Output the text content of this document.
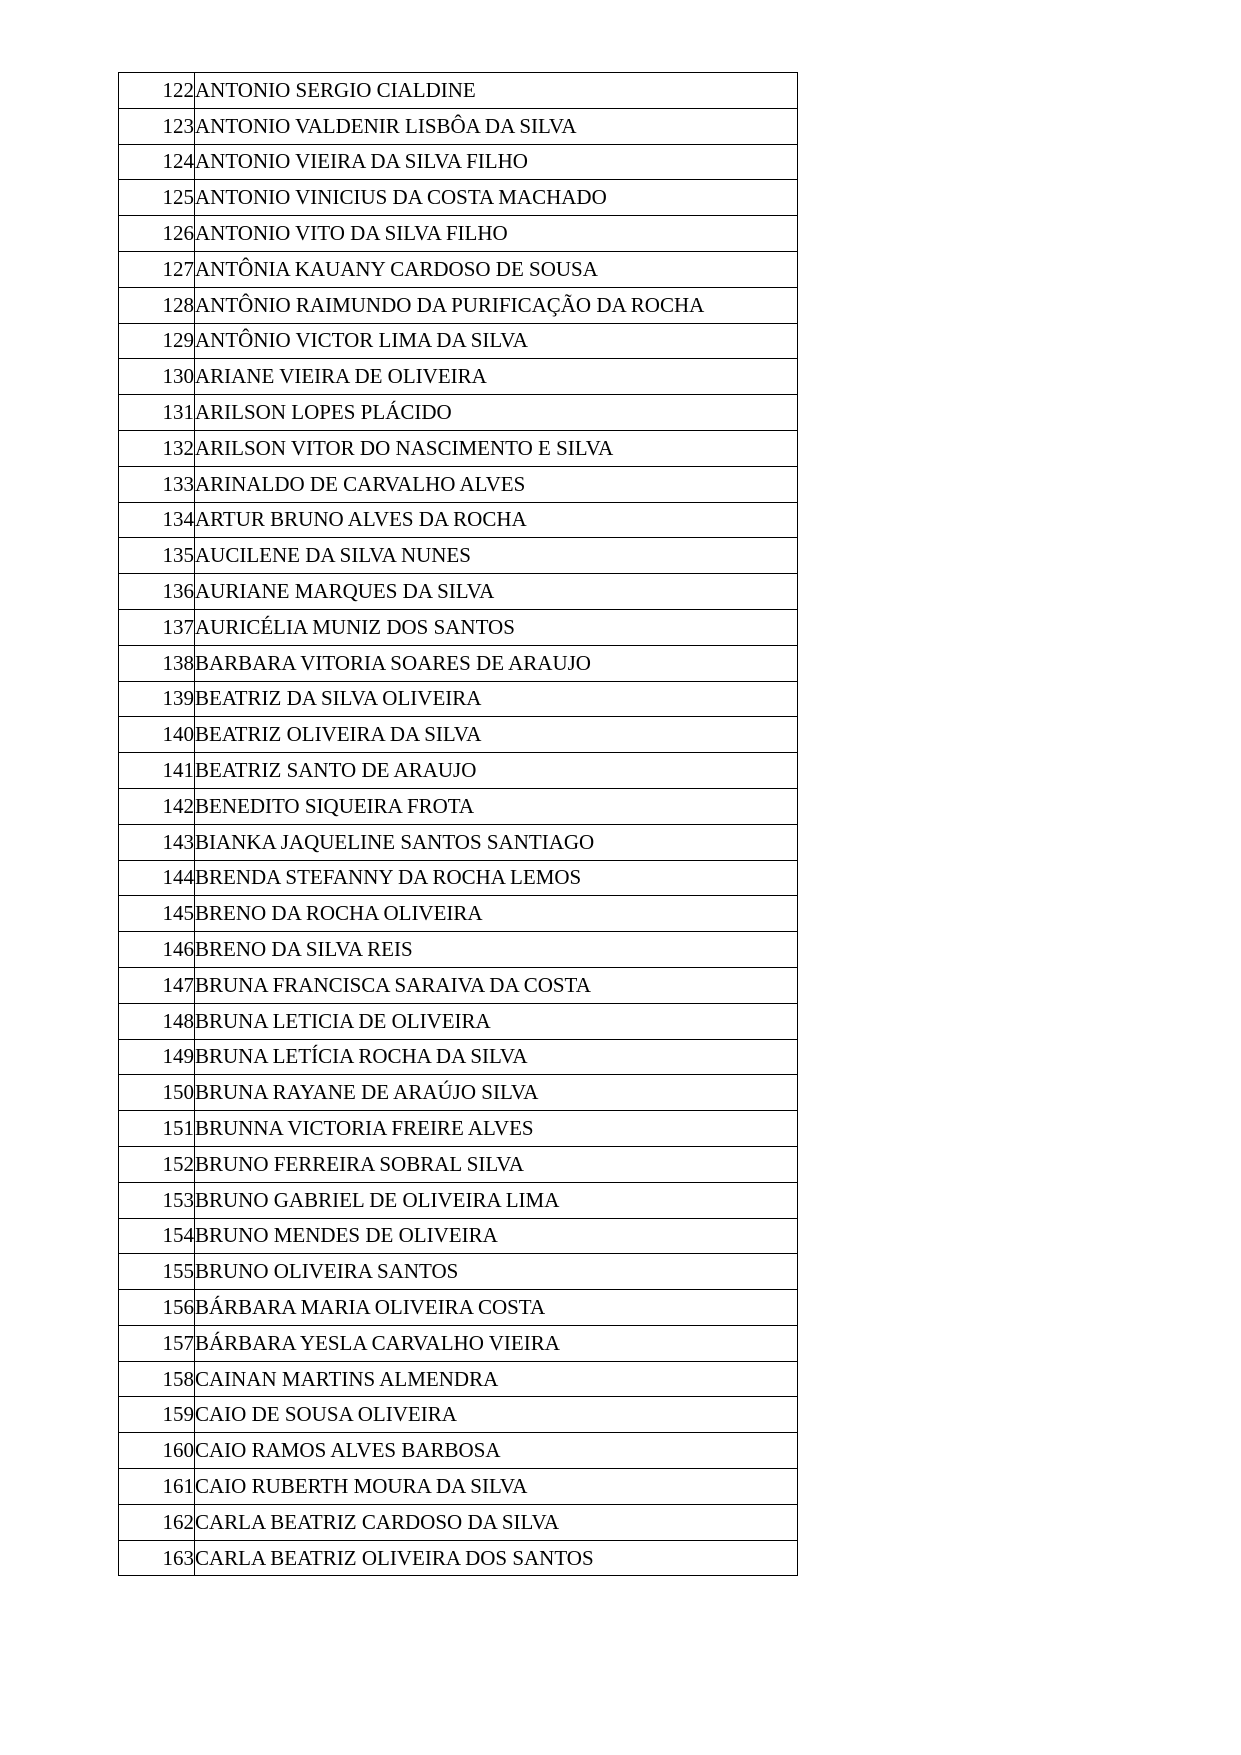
122	ANTONIO SERGIO CIALDINE
123	ANTONIO VALDENIR LISBÔA DA SILVA
124	ANTONIO VIEIRA DA SILVA FILHO
125	ANTONIO VINICIUS DA COSTA MACHADO
126	ANTONIO VITO DA SILVA FILHO
127	ANTÔNIA KAUANY CARDOSO DE SOUSA
128	ANTÔNIO RAIMUNDO DA PURIFICAÇÃO DA ROCHA
129	ANTÔNIO VICTOR LIMA DA SILVA
130	ARIANE VIEIRA DE OLIVEIRA
131	ARILSON LOPES PLÁCIDO
132	ARILSON VITOR DO NASCIMENTO E SILVA
133	ARINALDO DE CARVALHO ALVES
134	ARTUR BRUNO ALVES DA ROCHA
135	AUCILENE DA SILVA NUNES
136	AURIANE MARQUES DA SILVA
137	AURICÉLIA MUNIZ DOS SANTOS
138	BARBARA VITORIA SOARES DE ARAUJO
139	BEATRIZ DA SILVA OLIVEIRA
140	BEATRIZ OLIVEIRA DA SILVA
141	BEATRIZ SANTO DE ARAUJO
142	BENEDITO SIQUEIRA FROTA
143	BIANKA JAQUELINE SANTOS SANTIAGO
144	BRENDA STEFANNY DA ROCHA LEMOS
145	BRENO DA ROCHA OLIVEIRA
146	BRENO DA SILVA REIS
147	BRUNA FRANCISCA SARAIVA DA COSTA
148	BRUNA LETICIA DE OLIVEIRA
149	BRUNA LETÍCIA ROCHA DA SILVA
150	BRUNA RAYANE DE ARAÚJO SILVA
151	BRUNNA VICTORIA FREIRE ALVES
152	BRUNO FERREIRA SOBRAL SILVA
153	BRUNO GABRIEL DE OLIVEIRA LIMA
154	BRUNO MENDES DE OLIVEIRA
155	BRUNO OLIVEIRA SANTOS
156	BÁRBARA MARIA OLIVEIRA COSTA
157	BÁRBARA YESLA CARVALHO VIEIRA
158	CAINAN MARTINS ALMENDRA
159	CAIO DE SOUSA OLIVEIRA
160	CAIO RAMOS ALVES BARBOSA
161	CAIO RUBERTH MOURA DA SILVA
162	CARLA BEATRIZ CARDOSO DA SILVA
163	CARLA BEATRIZ OLIVEIRA DOS SANTOS
